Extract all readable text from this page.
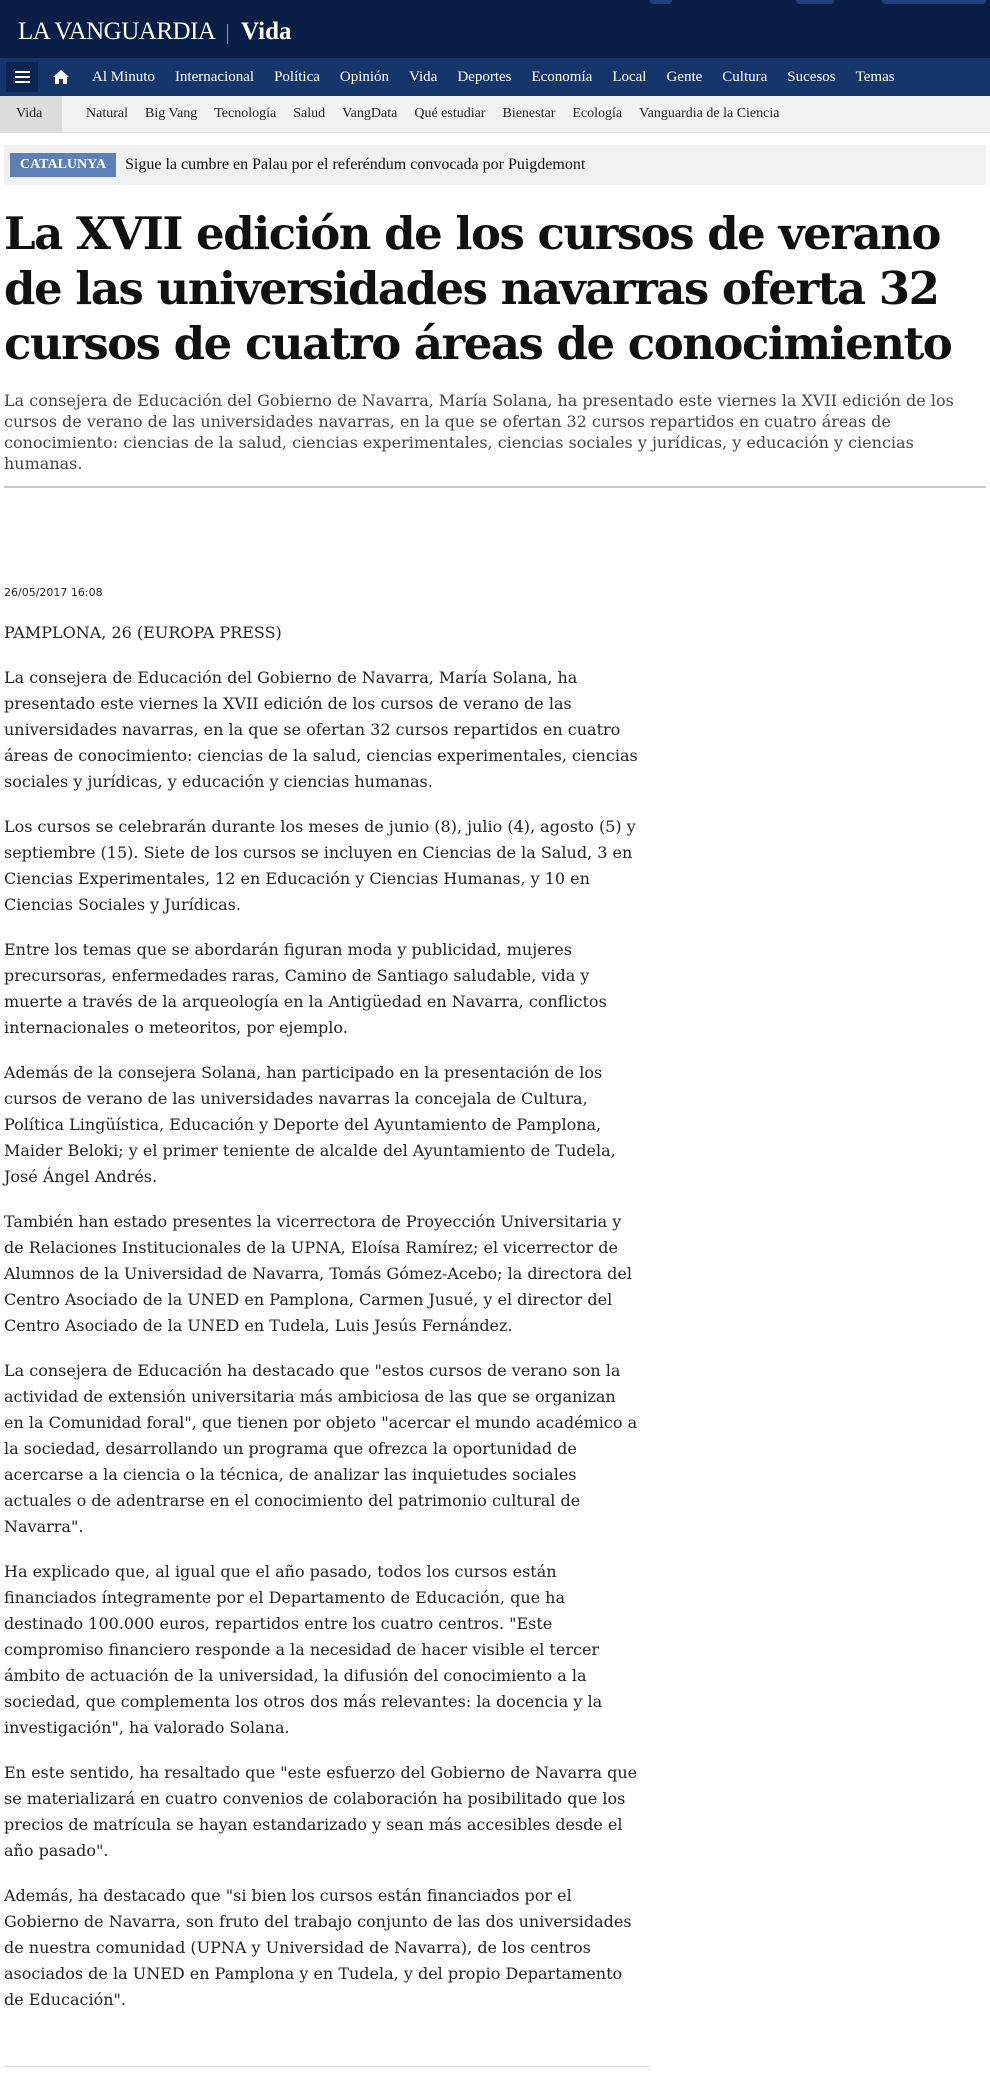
LA VANGUARDIA Vida
Al Minuto Internacional Política Opinión Vida Deportes Economía Local Gente Cultura Sucesos Temas
Vida	Natural Big Vang Tecnología Salud VangData Qué estudiar Bienestar Ecología Vanguardia de la Ciencia
CATALUNYA	Sigue la cumbre en Palau por el referéndum convocada por Puigdemont
La XVII edición de los cursos de verano de las universidades navarras oferta 32 cursos de cuatro áreas de conocimiento

La consejera de Educación del Gobierno de Navarra, María Solana, ha presentado este viernes la XVII edición de los cursos de verano de las universidades navarras, en la que se ofertan 32 cursos repartidos en cuatro áreas de conocimiento: ciencias de la salud, ciencias experimentales, ciencias sociales y jurídicas, y educación y ciencias humanas.

26/05/2017 16:08

PAMPLONA, 26 (EUROPA PRESS)

La consejera de Educación del Gobierno de Navarra, María Solana, ha presentado este viernes la XVII edición de los cursos de verano de las universidades navarras, en la que se ofertan 32 cursos repartidos en cuatro áreas de conocimiento: ciencias de la salud, ciencias experimentales, ciencias sociales y jurídicas, y educación y ciencias humanas.

Los cursos se celebrarán durante los meses de junio (8), julio (4), agosto (5) y septiembre (15). Siete de los cursos se incluyen en Ciencias de la Salud, 3 en Ciencias Experimentales, 12 en Educación y Ciencias Humanas, y 10 en Ciencias Sociales y Jurídicas.

Entre los temas que se abordarán figuran moda y publicidad, mujeres precursoras, enfermedades raras, Camino de Santiago saludable, vida y muerte a través de la arqueología en la Antigüedad en Navarra, conflictos internacionales o meteoritos, por ejemplo.

Además de la consejera Solana, han participado en la presentación de los cursos de verano de las universidades navarras la concejala de Cultura, Política Lingüística, Educación y Deporte del Ayuntamiento de Pamplona, Maider Beloki; y el primer teniente de alcalde del Ayuntamiento de Tudela, José Ángel Andrés.

También han estado presentes la vicerrectora de Proyección Universitaria y de Relaciones Institucionales de la UPNA, Eloísa Ramírez; el vicerrector de Alumnos de la Universidad de Navarra, Tomás Gómez-Acebo; la directora del Centro Asociado de la UNED en Pamplona, Carmen Jusué, y el director del Centro Asociado de la UNED en Tudela, Luis Jesús Fernández.

La consejera de Educación ha destacado que "estos cursos de verano son la actividad de extensión universitaria más ambiciosa de las que se organizan en la Comunidad foral", que tienen por objeto "acercar el mundo académico a la sociedad, desarrollando un programa que ofrezca la oportunidad de acercarse a la ciencia o la técnica, de analizar las inquietudes sociales actuales o de adentrarse en el conocimiento del patrimonio cultural de Navarra".

Ha explicado que, al igual que el año pasado, todos los cursos están financiados íntegramente por el Departamento de Educación, que ha destinado 100.000 euros, repartidos entre los cuatro centros. "Este compromiso financiero responde a la necesidad de hacer visible el tercer ámbito de actuación de la universidad, la difusión del conocimiento a la sociedad, que complementa los otros dos más relevantes: la docencia y la investigación", ha valorado Solana.

En este sentido, ha resaltado que "este esfuerzo del Gobierno de Navarra que se materializará en cuatro convenios de colaboración ha posibilitado que los precios de matrícula se hayan estandarizado y sean más accesibles desde el año pasado".

Además, ha destacado que "si bien los cursos están financiados por el Gobierno de Navarra, son fruto del trabajo conjunto de las dos universidades de nuestra comunidad (UPNA y Universidad de Navarra), de los centros asociados de la UNED en Pamplona y en Tudela, y del propio Departamento de Educación".
